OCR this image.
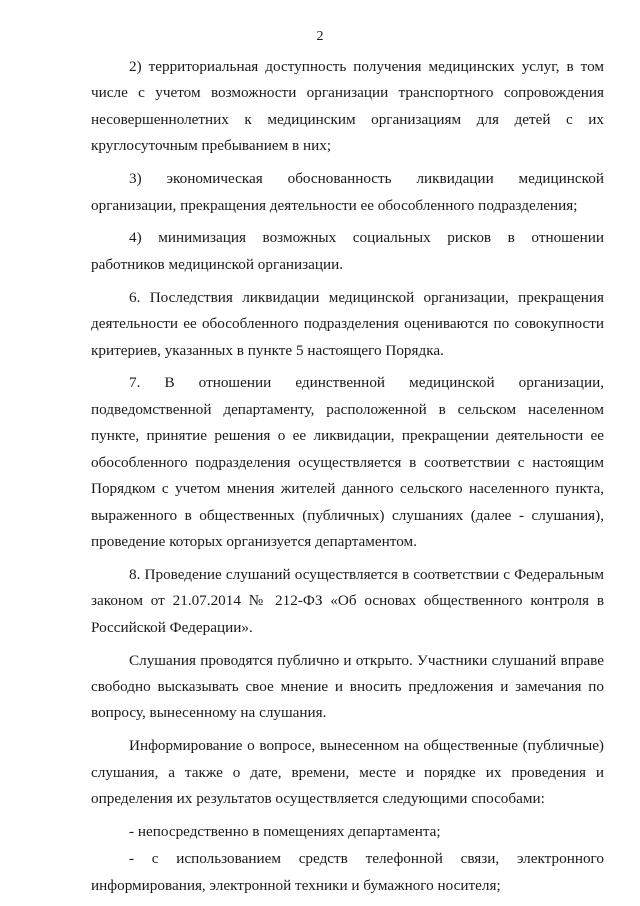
2

2) территориальная доступность получения медицинских услуг, в том числе с учетом возможности организации транспортного сопровождения несовершеннолетних к медицинским организациям для детей с их круглосуточным пребыванием в них;

3) экономическая обоснованность ликвидации медицинской организации, прекращения деятельности ее обособленного подразделения;

4) минимизация возможных социальных рисков в отношении работников медицинской организации.

6. Последствия ликвидации медицинской организации, прекращения деятельности ее обособленного подразделения оцениваются по совокупности критериев, указанных в пункте 5 настоящего Порядка.

7. В отношении единственной медицинской организации, подведомственной департаменту, расположенной в сельском населенном пункте, принятие решения о ее ликвидации, прекращении деятельности ее обособленного подразделения осуществляется в соответствии с настоящим Порядком с учетом мнения жителей данного сельского населенного пункта, выраженного в общественных (публичных) слушаниях (далее - слушания), проведение которых организуется департаментом.

8. Проведение слушаний осуществляется в соответствии с Федеральным законом от 21.07.2014 № 212-ФЗ «Об основах общественного контроля в Российской Федерации».

Слушания проводятся публично и открыто. Участники слушаний вправе свободно высказывать свое мнение и вносить предложения и замечания по вопросу, вынесенному на слушания.

Информирование о вопросе, вынесенном на общественные (публичные) слушания, а также о дате, времени, месте и порядке их проведения и определения их результатов осуществляется следующими способами:

- непосредственно в помещениях департамента;

- с использованием средств телефонной связи, электронного информирования, электронной техники и бумажного носителя;
